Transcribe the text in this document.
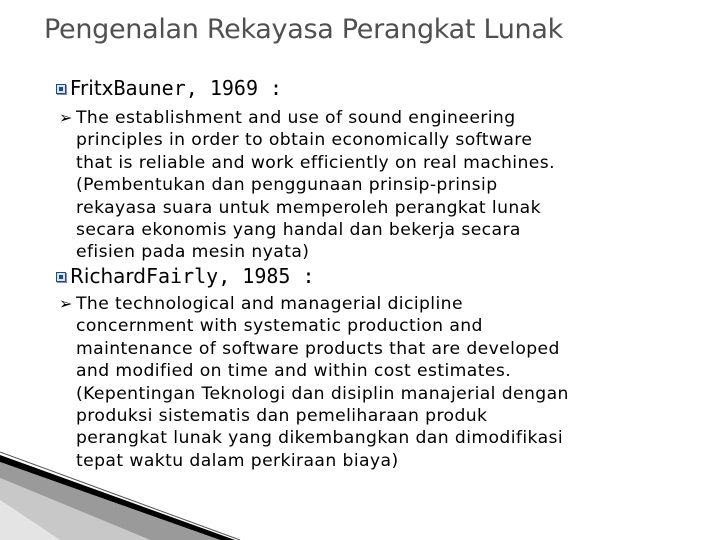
Pengenalan Rekayasa Perangkat Lunak
Fritx Bauner, 1969 :
➢ The establishment and use of sound engineering
principles in order to obtain economically software
that is reliable and work efficiently on real machines.
(Pembentukan dan penggunaan prinsip-prinsip
rekayasa suara untuk memperoleh perangkat lunak
secara ekonomis yang handal dan bekerja secara
efisien pada mesin nyata)
Richard Fairly, 1985 :
➢ The technological and managerial dicipline
concernment with systematic production and
maintenance of software products that are developed
and modified on time and within cost estimates.
(Kepentingan Teknologi dan disiplin manajerial dengan
produksi sistematis dan pemeliharaan produk
perangkat lunak yang dikembangkan dan dimodifikasi
tepat waktu dalam perkiraan biaya)
